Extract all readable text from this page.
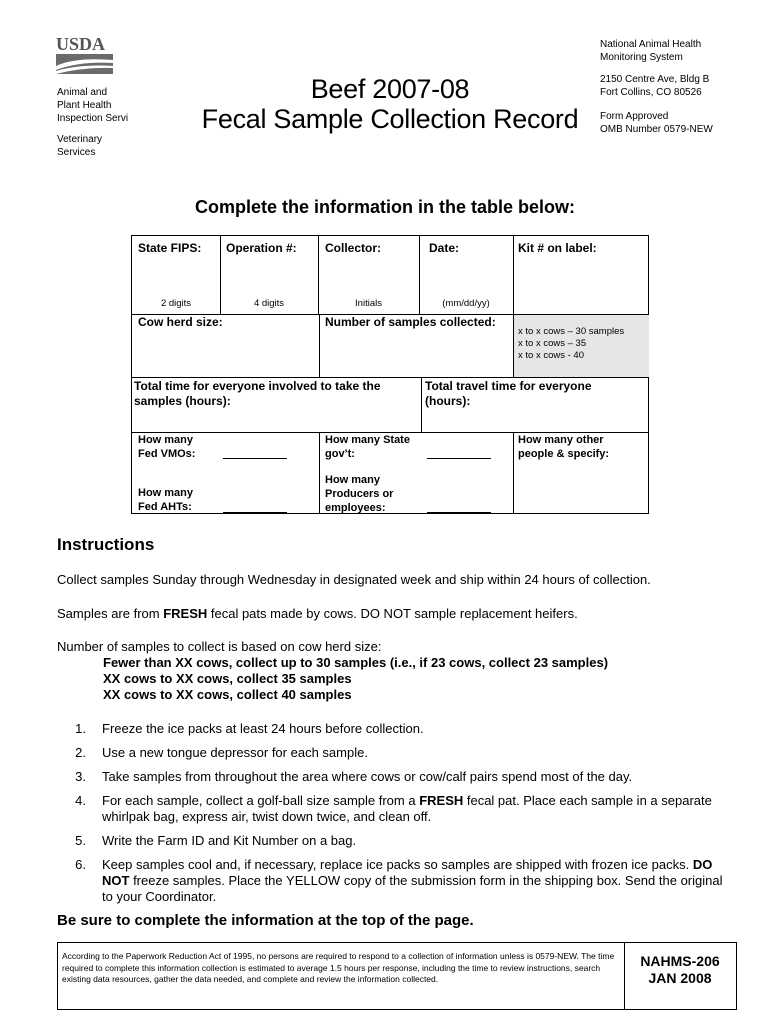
USDA
Animal and
Plant Health
Inspection Servi
Veterinary
Services
Beef 2007-08
Fecal Sample Collection Record
National Animal Health
Monitoring System
2150 Centre Ave, Bldg B
Fort Collins, CO 80526
Form Approved
OMB Number 0579-NEW
Complete the information in the table below:
State FIPS: Operation #: Collector:	Date:	Kit # on label:
2 digits	4 digits	Initials	(mm/dd/yy)
Cow herd size:	Number of samples collected:
x to x cows – 30 samples
x to x cows – 35
x to x cows - 40
Total time for everyone involved to take the
samples (hours):
Total travel time for everyone
(hours):
How many
Fed VMOs:
How many
Fed AHTs:
How many State
gov’t:
How many
Producers or
employees:
How many other
people & specify:
Instructions
Collect samples Sunday through Wednesday in designated week and ship within 24 hours of collection.
Samples are from FRESH fecal pats made by cows. DO NOT sample replacement heifers.
Number of samples to collect is based on cow herd size:
Fewer than XX cows, collect up to 30 samples (i.e., if 23 cows, collect 23 samples)
XX cows to XX cows, collect 35 samples
XX cows to XX cows, collect 40 samples
1. Freeze the ice packs at least 24 hours before collection.
2. Use a new tongue depressor for each sample.
3. Take samples from throughout the area where cows or cow/calf pairs spend most of the day.
4. For each sample, collect a golf-ball size sample from a FRESH fecal pat. Place each sample in a separate whirlpak bag, express air, twist down twice, and clean off.
5. Write the Farm ID and Kit Number on a bag.
6. Keep samples cool and, if necessary, replace ice packs so samples are shipped with frozen ice packs. DO NOT freeze samples. Place the YELLOW copy of the submission form in the shipping box. Send the original to your Coordinator.
Be sure to complete the information at the top of the page.
According to the Paperwork Reduction Act of 1995, no persons are required to respond to a collection of information unless is 0579-NEW. The time required to complete this information collection is estimated to average 1.5 hours per response, including the time to review instructions, search existing data resources, gather the data needed, and complete and review the information collected.
NAHMS-206
JAN 2008
